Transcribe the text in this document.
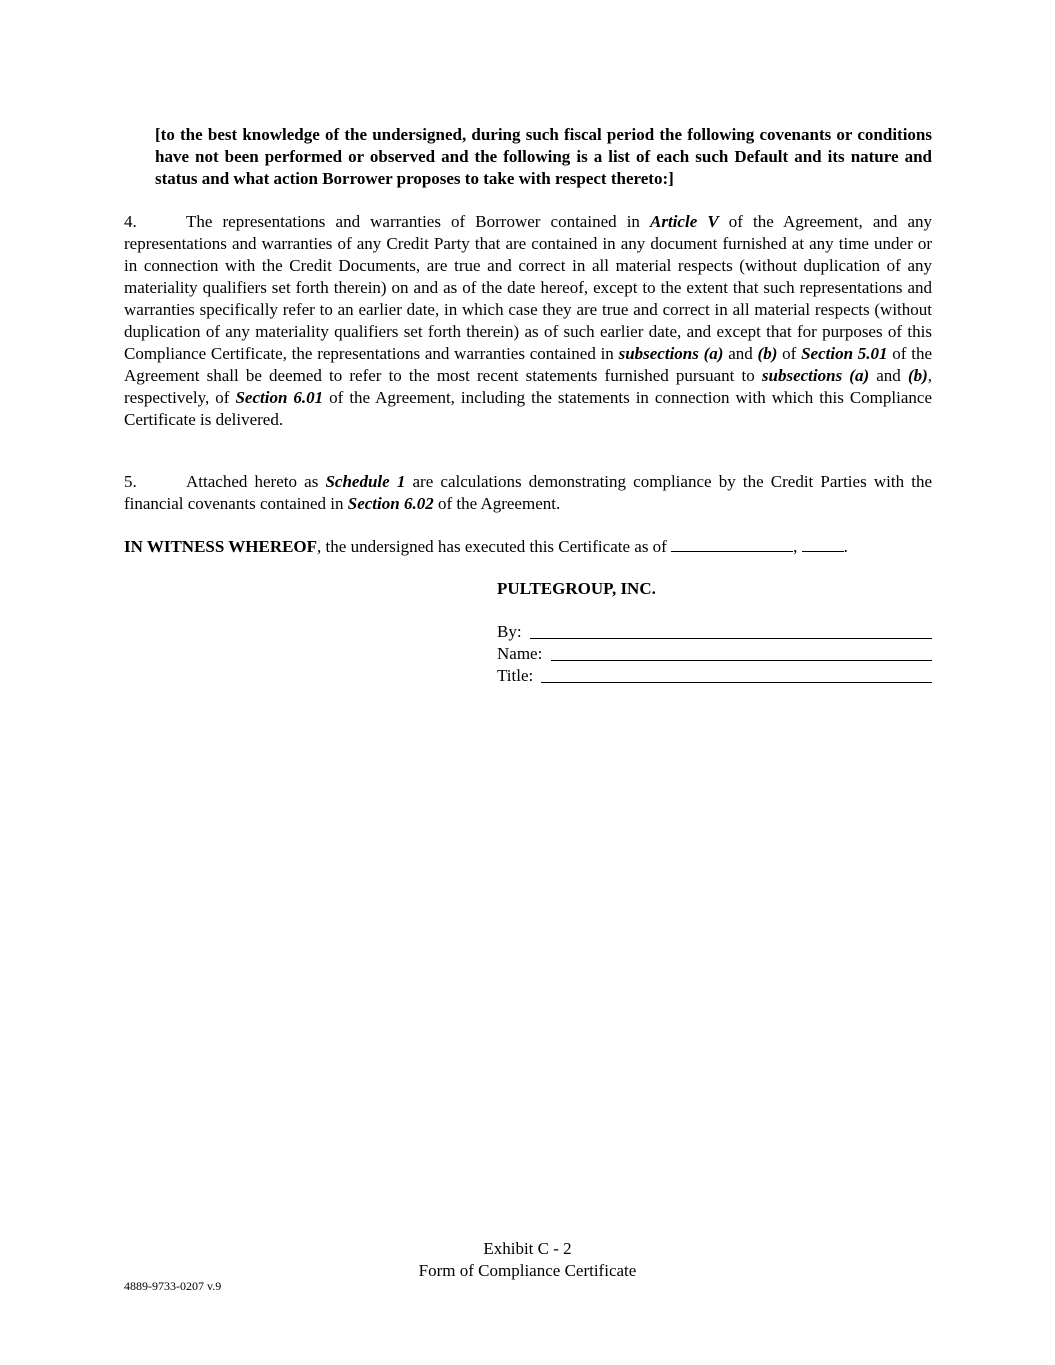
[to the best knowledge of the undersigned, during such fiscal period the following covenants or conditions have not been performed or observed and the following is a list of each such Default and its nature and status and what action Borrower proposes to take with respect thereto:]
4.	The representations and warranties of Borrower contained in Article V of the Agreement, and any representations and warranties of any Credit Party that are contained in any document furnished at any time under or in connection with the Credit Documents, are true and correct in all material respects (without duplication of any materiality qualifiers set forth therein) on and as of the date hereof, except to the extent that such representations and warranties specifically refer to an earlier date, in which case they are true and correct in all material respects (without duplication of any materiality qualifiers set forth therein) as of such earlier date, and except that for purposes of this Compliance Certificate, the representations and warranties contained in subsections (a) and (b) of Section 5.01 of the Agreement shall be deemed to refer to the most recent statements furnished pursuant to subsections (a) and (b), respectively, of Section 6.01 of the Agreement, including the statements in connection with which this Compliance Certificate is delivered.
5.	Attached hereto as Schedule 1 are calculations demonstrating compliance by the Credit Parties with the financial covenants contained in Section 6.02 of the Agreement.
IN WITNESS WHEREOF, the undersigned has executed this Certificate as of	, .
PULTEGROUP, INC.
By:
Name:
Title:
Exhibit C - 2
Form of Compliance Certificate
4889-9733-0207 v.9
